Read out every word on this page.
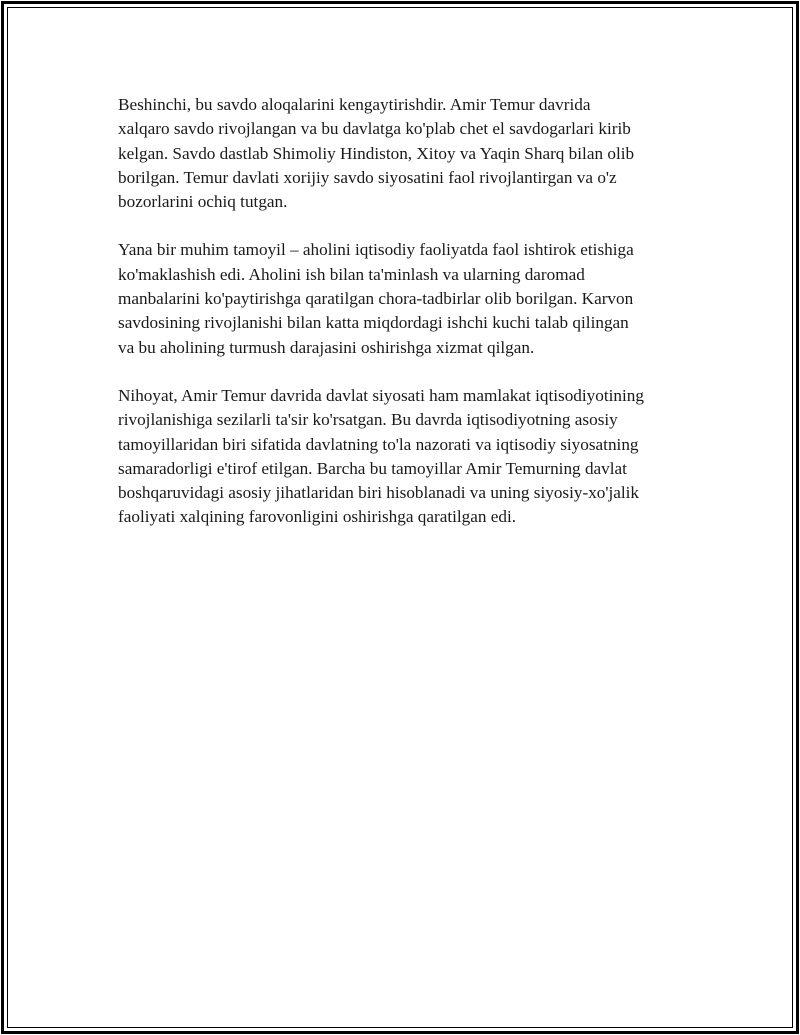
Beshinchi, bu savdo aloqalarini kengaytirishdir. Amir Temur davrida
xalqaro savdo rivojlangan va bu davlatga ko'plab chet el savdogarlari kirib
kelgan. Savdo dastlab Shimoliy Hindiston, Xitoy va Yaqin Sharq bilan olib
borilgan. Temur davlati xorijiy savdo siyosatini faol rivojlantirgan va o'z
bozorlarini ochiq tutgan.

Yana bir muhim tamoyil – aholini iqtisodiy faoliyatda faol ishtirok etishiga
ko'maklashish edi. Aholini ish bilan ta'minlash va ularning daromad
manbalarini ko'paytirishga qaratilgan chora-tadbirlar olib borilgan. Karvon
savdosining rivojlanishi bilan katta miqdordagi ishchi kuchi talab qilingan
va bu aholining turmush darajasini oshirishga xizmat qilgan.

Nihoyat, Amir Temur davrida davlat siyosati ham mamlakat iqtisodiyotining
rivojlanishiga sezilarli ta'sir ko'rsatgan. Bu davrda iqtisodiyotning asosiy
tamoyillaridan biri sifatida davlatning to'la nazorati va iqtisodiy siyosatning
samaradorligi e'tirof etilgan. Barcha bu tamoyillar Amir Temurning davlat
boshqaruvidagi asosiy jihatlaridan biri hisoblanadi va uning siyosiy-xo'jalik
faoliyati xalqining farovonligini oshirishga qaratilgan edi.
